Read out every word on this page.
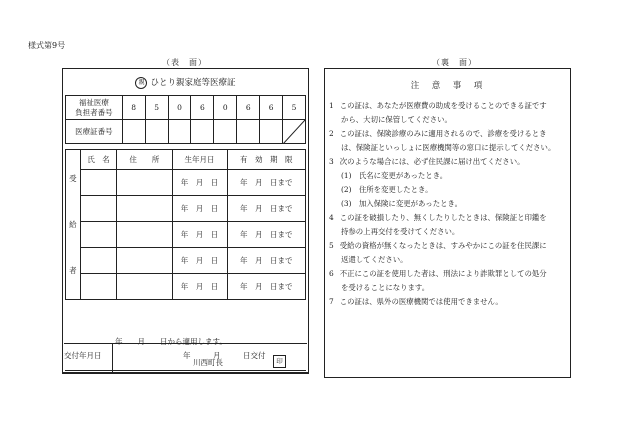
様式第9号
（表　面）	（裏　面）
親 ひとり親家庭等医療証
福祉医療
負担者番号	8	5	0	6	0	6	6	5
医療証番号								
受
給
者	氏　名	住　　所	生年月日	有　効　期　限
			年　月　日	年　月　日まで
			年　月　日	年　月　日まで
			年　月　日	年　月　日まで
			年　月　日	年　月　日まで
			年　月　日	年　月　日まで
年　　月　　日から適用します。
川西町長	印
交付年月日	年　　　月　　　日交付
注　意　事　項
1 この証は、あなたが医療費の助成を受けることのできる証です
から、大切に保管してください。
2 この証は、保険診療のみに適用されるので、診療を受けるとき
は、保険証といっしょに医療機関等の窓口に提示してください。
3 次のような場合には、必ず住民課に届け出てください。
(1)　氏名に変更があったとき。
(2)　住所を変更したとき。
(3)　加入保険に変更があったとき。
4 この証を破損したり、無くしたりしたときは、保険証と印鑑を
持参の上再交付を受けてください。
5 受給の資格が無くなったときは、すみやかにこの証を住民課に
返還してください。
6 不正にこの証を使用した者は、刑法により詐欺罪としての処分
を受けることになります。
7 この証は、県外の医療機関では使用できません。
